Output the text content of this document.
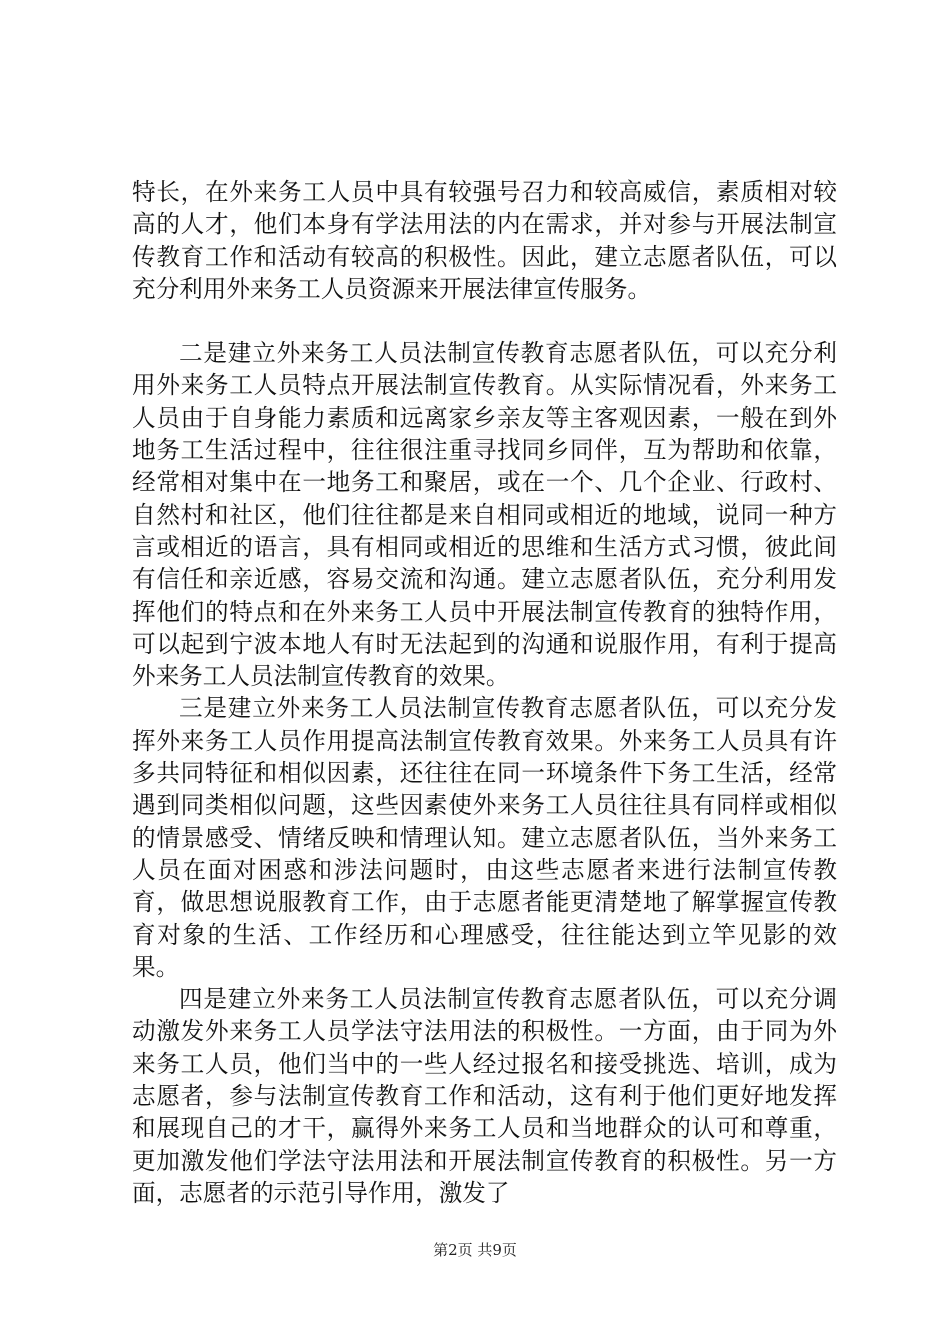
特长，在外来务工人员中具有较强号召力和较高威信，素质相对较高的人才，他们本身有学法用法的内在需求，并对参与开展法制宣传教育工作和活动有较高的积极性。因此，建立志愿者队伍，可以充分利用外来务工人员资源来开展法律宣传服务。

二是建立外来务工人员法制宣传教育志愿者队伍，可以充分利用外来务工人员特点开展法制宣传教育。从实际情况看，外来务工人员由于自身能力素质和远离家乡亲友等主客观因素，一般在到外地务工生活过程中，往往很注重寻找同乡同伴，互为帮助和依靠，经常相对集中在一地务工和聚居，或在一个、几个企业、行政村、自然村和社区，他们往往都是来自相同或相近的地域，说同一种方言或相近的语言，具有相同或相近的思维和生活方式习惯，彼此间有信任和亲近感，容易交流和沟通。建立志愿者队伍，充分利用发挥他们的特点和在外来务工人员中开展法制宣传教育的独特作用，可以起到宁波本地人有时无法起到的沟通和说服作用，有利于提高外来务工人员法制宣传教育的效果。

三是建立外来务工人员法制宣传教育志愿者队伍，可以充分发挥外来务工人员作用提高法制宣传教育效果。外来务工人员具有许多共同特征和相似因素，还往往在同一环境条件下务工生活，经常遇到同类相似问题，这些因素使外来务工人员往往具有同样或相似的情景感受、情绪反映和情理认知。建立志愿者队伍，当外来务工人员在面对困惑和涉法问题时，由这些志愿者来进行法制宣传教育，做思想说服教育工作，由于志愿者能更清楚地了解掌握宣传教育对象的生活、工作经历和心理感受，往往能达到立竿见影的效果。

四是建立外来务工人员法制宣传教育志愿者队伍，可以充分调动激发外来务工人员学法守法用法的积极性。一方面，由于同为外来务工人员，他们当中的一些人经过报名和接受挑选、培训，成为志愿者，参与法制宣传教育工作和活动，这有利于他们更好地发挥和展现自己的才干，赢得外来务工人员和当地群众的认可和尊重，更加激发他们学法守法用法和开展法制宣传教育的积极性。另一方面，志愿者的示范引导作用，激发了

第2页 共9页
